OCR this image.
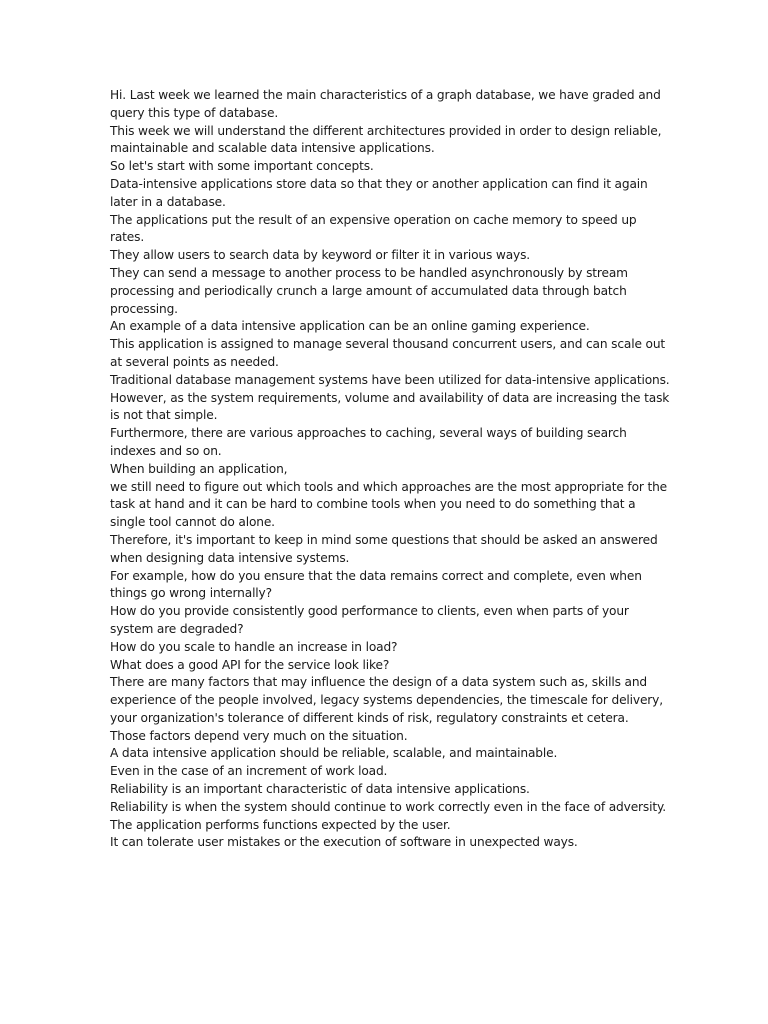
Hi. Last week we learned the main characteristics of a graph database, we have graded and query this type of database.

This week we will understand the different architectures provided in order to design reliable, maintainable and scalable data intensive applications.

So let's start with some important concepts.

Data-intensive applications store data so that they or another application can find it again later in a database.

The applications put the result of an expensive operation on cache memory to speed up rates.

They allow users to search data by keyword or filter it in various ways.

They can send a message to another process to be handled asynchronously by stream processing and periodically crunch a large amount of accumulated data through batch processing.

An example of a data intensive application can be an online gaming experience.

This application is assigned to manage several thousand concurrent users, and can scale out at several points as needed.

Traditional database management systems have been utilized for data-intensive applications.

However, as the system requirements, volume and availability of data are increasing the task is not that simple.

Furthermore, there are various approaches to caching, several ways of building search indexes and so on.

When building an application,

we still need to figure out which tools and which approaches are the most appropriate for the task at hand and it can be hard to combine tools when you need to do something that a single tool cannot do alone.

Therefore, it's important to keep in mind some questions that should be asked an answered when designing data intensive systems.

For example, how do you ensure that the data remains correct and complete, even when things go wrong internally?

How do you provide consistently good performance to clients, even when parts of your system are degraded?

How do you scale to handle an increase in load?

What does a good API for the service look like?

There are many factors that may influence the design of a data system such as, skills and experience of the people involved, legacy systems dependencies, the timescale for delivery, your organization's tolerance of different kinds of risk, regulatory constraints et cetera.

Those factors depend very much on the situation.

A data intensive application should be reliable, scalable, and maintainable.

Even in the case of an increment of work load.

Reliability is an important characteristic of data intensive applications.

Reliability is when the system should continue to work correctly even in the face of adversity.

The application performs functions expected by the user.

It can tolerate user mistakes or the execution of software in unexpected ways.
